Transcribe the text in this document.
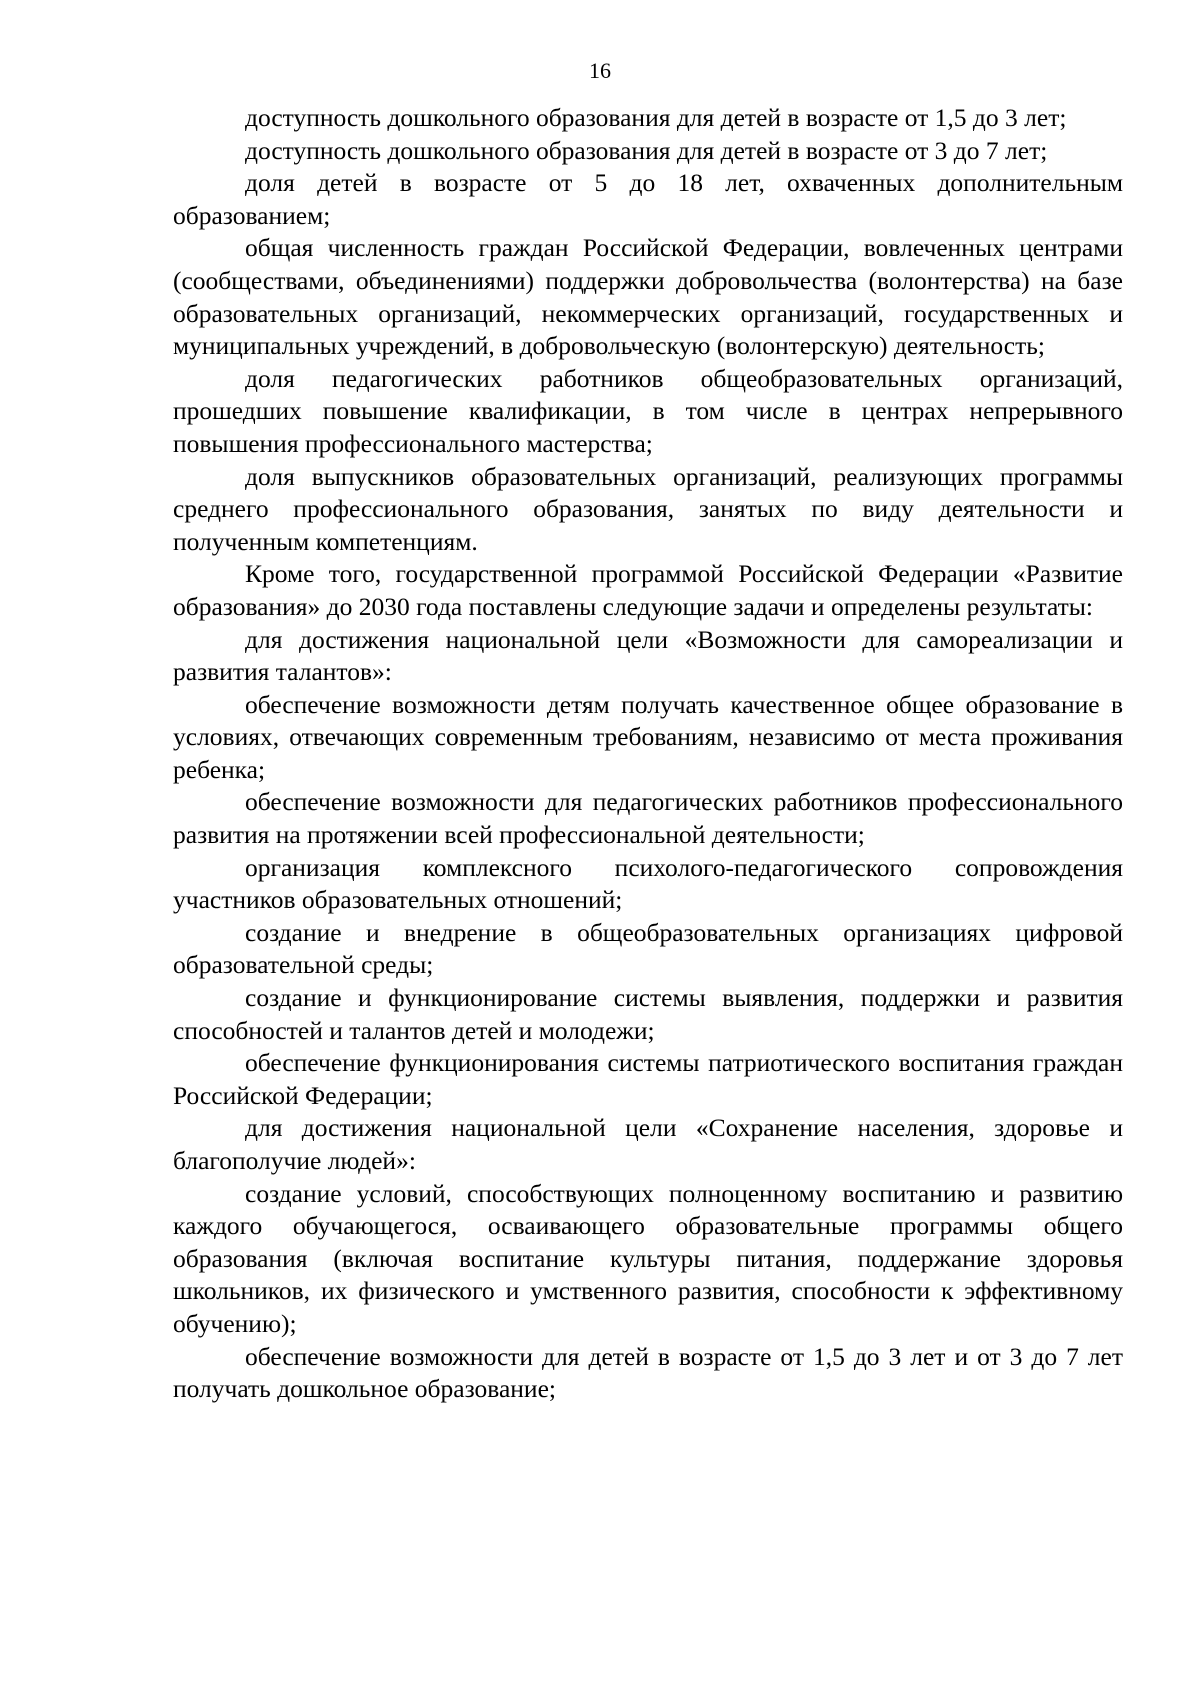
16

доступность дошкольного образования для детей в возрасте от 1,5 до 3 лет;

доступность дошкольного образования для детей в возрасте от 3 до 7 лет;

доля детей в возрасте от 5 до 18 лет, охваченных дополнительным образованием;

общая численность граждан Российской Федерации, вовлеченных центрами (сообществами, объединениями) поддержки добровольчества (волонтерства) на базе образовательных организаций, некоммерческих организаций, государственных и муниципальных учреждений, в добровольческую (волонтерскую) деятельность;

доля педагогических работников общеобразовательных организаций, прошедших повышение квалификации, в том числе в центрах непрерывного повышения профессионального мастерства;

доля выпускников образовательных организаций, реализующих программы среднего профессионального образования, занятых по виду деятельности и полученным компетенциям.

Кроме того, государственной программой Российской Федерации «Развитие образования» до 2030 года поставлены следующие задачи и определены результаты:

для достижения национальной цели «Возможности для самореализации и развития талантов»:

обеспечение возможности детям получать качественное общее образование в условиях, отвечающих современным требованиям, независимо от места проживания ребенка;

обеспечение возможности для педагогических работников профессионального развития на протяжении всей профессиональной деятельности;

организация комплексного психолого-педагогического сопровождения участников образовательных отношений;

создание и внедрение в общеобразовательных организациях цифровой образовательной среды;

создание и функционирование системы выявления, поддержки и развития способностей и талантов детей и молодежи;

обеспечение функционирования системы патриотического воспитания граждан Российской Федерации;

для достижения национальной цели «Сохранение населения, здоровье и благополучие людей»:

создание условий, способствующих полноценному воспитанию и развитию каждого обучающегося, осваивающего образовательные программы общего образования (включая воспитание культуры питания, поддержание здоровья школьников, их физического и умственного развития, способности к эффективному обучению);

обеспечение возможности для детей в возрасте от 1,5 до 3 лет и от 3 до 7 лет получать дошкольное образование;
